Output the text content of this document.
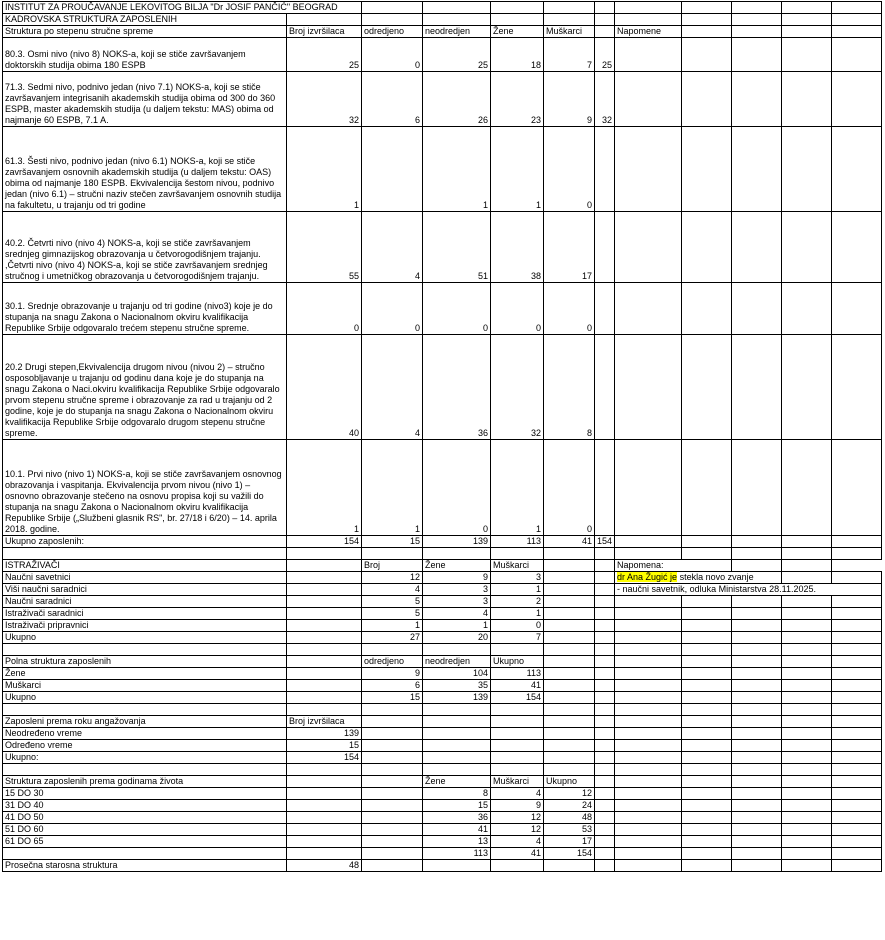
INSTITUT ZA PROUČAVANJE LEKOVITOG BILJA "Dr JOSIF PANČIĆ" BEOGRAD											
KADROVSKA STRUKTURA ZAPOSLENIH											
Struktura po stepenu stručne spreme	Broj izvršilaca	odredjeno	neodredjen	Žene	Muškarci		Napomene				
80.3. Osmi nivo (nivo 8) NOKS-a, koji se stiče završavanjem doktorskih studija obima 180 ESPB	25	0	25	18	7	25					
71.3. Sedmi nivo, podnivo jedan (nivo 7.1) NOKS-a, koji se stiče završavanjem integrisanih akademskih studija obima od 300 do 360 ESPB, master akademskih studija (u daljem tekstu: MAS) obima od najmanje 60 ESPB, 7.1 A.	32	6	26	23	9	32					
61.3. Šesti nivo, podnivo jedan (nivo 6.1) NOKS-a, koji se stiče završavanjem osnovnih akademskih studija (u daljem tekstu: OAS) obima od najmanje 180 ESPB. Ekvivalencija šestom nivou, podnivo jedan (nivo 6.1) – stručni naziv stečen završavanjem osnovnih studija na fakultetu, u trajanju od tri godine	1		1	1	0						
40.2. Četvrti nivo (nivo 4) NOKS-a, koji se stiče završavanjem srednjeg gimnazijskog obrazovanja u četvorogodišnjem trajanju. ,Četvrti nivo (nivo 4) NOKS-a, koji se stiče završavanjem srednjeg stručnog i umetničkog obrazovanja u četvorogodišnjem trajanju.	55	4	51	38	17						
30.1. Srednje obrazovanje u trajanju od tri godine (nivo3) koje je do stupanja na snagu Zakona o Nacionalnom okviru kvalifikacija Republike Srbije odgovaralo trećem stepenu stručne spreme.	0	0	0	0	0						
20.2 Drugi stepen,Ekvivalencija drugom nivou (nivou 2) – stručno osposobljavanje u trajanju od godinu dana koje je do stupanja na snagu Zakona o Naci.okviru kvalifikacija Republike Srbije odgovaralo prvom stepenu stručne spreme i obrazovanje za rad u trajanju od 2 godine, koje je do stupanja na snagu Zakona o Nacionalnom okviru kvalifikacija Republike Srbije odgovaralo drugom stepenu stručne spreme.	40	4	36	32	8						
10.1. Prvi nivo (nivo 1) NOKS-a, koji se stiče završavanjem osnovnog obrazovanja i vaspitanja. Ekvivalencija prvom nivou (nivo 1) – osnovno obrazovanje stečeno na osnovu propisa koji su važili do stupanja na snagu Zakona o Nacionalnom okviru kvalifikacija Republike Srbije („Službeni glasnik RS", br. 27/18 i 6/20) – 14. aprila 2018. godine.	1	1	0	1	0						
Ukupno zaposlenih:	154	15	139	113	41	154					

ISTRAŽIVAČI		Broj	Žene	Muškarci			Napomena:				
Naučni savetnici		12	9	3			dr Ana Žugić je stekla novo zvanje				
Viši naučni saradnici		4	3	1			- naučni savetnik, odluka Ministarstva 28.11.2025.				
Naučni saradnici		5	3	2							
Istraživači saradnici		5	4	1							
Istraživači pripravnici		1	1	0							
Ukupno		27	20	7							

Polna struktura zaposlenih		odredjeno	neodredjen	Ukupno							
Žene		9	104	113							
Muškarci		6	35	41							
Ukupno		15	139	154							

Zaposleni prema roku angažovanja	Broj izvršilaca										
Neodređeno vreme	139										
Određeno vreme	15										
Ukupno:	154										

Struktura zaposlenih prema godinama života			Žene	Muškarci	Ukupno						
15 DO 30			8	4	12						
31 DO 40			15	9	24						
41 DO 50			36	12	48						
51 DO 60			41	12	53						
61 DO 65			13	4	17						
			113	41	154						
Prosečna starosna struktura	48										
